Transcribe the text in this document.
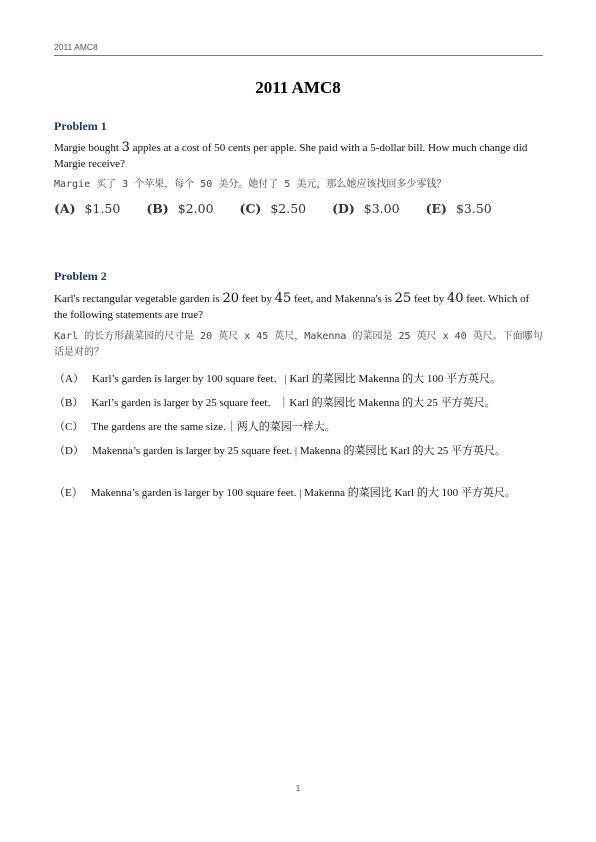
2011 AMC8
2011 AMC8
Problem 1
Margie bought 3 apples at a cost of 50 cents per apple. She paid with a 5-dollar bill. How much change did Margie receive?
Margie 买了 3 个苹果，每个 50 美分。她付了 5 美元，那么她应该找回多少零钱？
(A) $1.50 (B) $2.00 (C) $2.50 (D) $3.00 (E) $3.50
Problem 2
Karl's rectangular vegetable garden is 20 feet by 45 feet, and Makenna's is 25 feet by 40 feet. Which of the following statements are true?
Karl 的长方形蔬菜园的尺寸是 20 英尺 x 45 英尺，Makenna 的菜园是 25 英尺 x 40 英尺。下面哪句话是对的？
（A） Karl’s garden is larger by 100 square feet．| Karl 的菜园比 Makenna 的大 100 平方英尺。
（B） Karl’s garden is larger by 25 square feet．｜Karl 的菜园比 Makenna 的大 25 平方英尺。
（C） The gardens are the same size.｜两人的菜园一样大。
（D） Makenna’s garden is larger by 25 square feet. | Makenna 的菜园比 Karl 的大 25 平方英尺。
（E） Makenna’s garden is larger by 100 square feet. | Makenna 的菜园比 Karl 的大 100 平方英尺。
1
